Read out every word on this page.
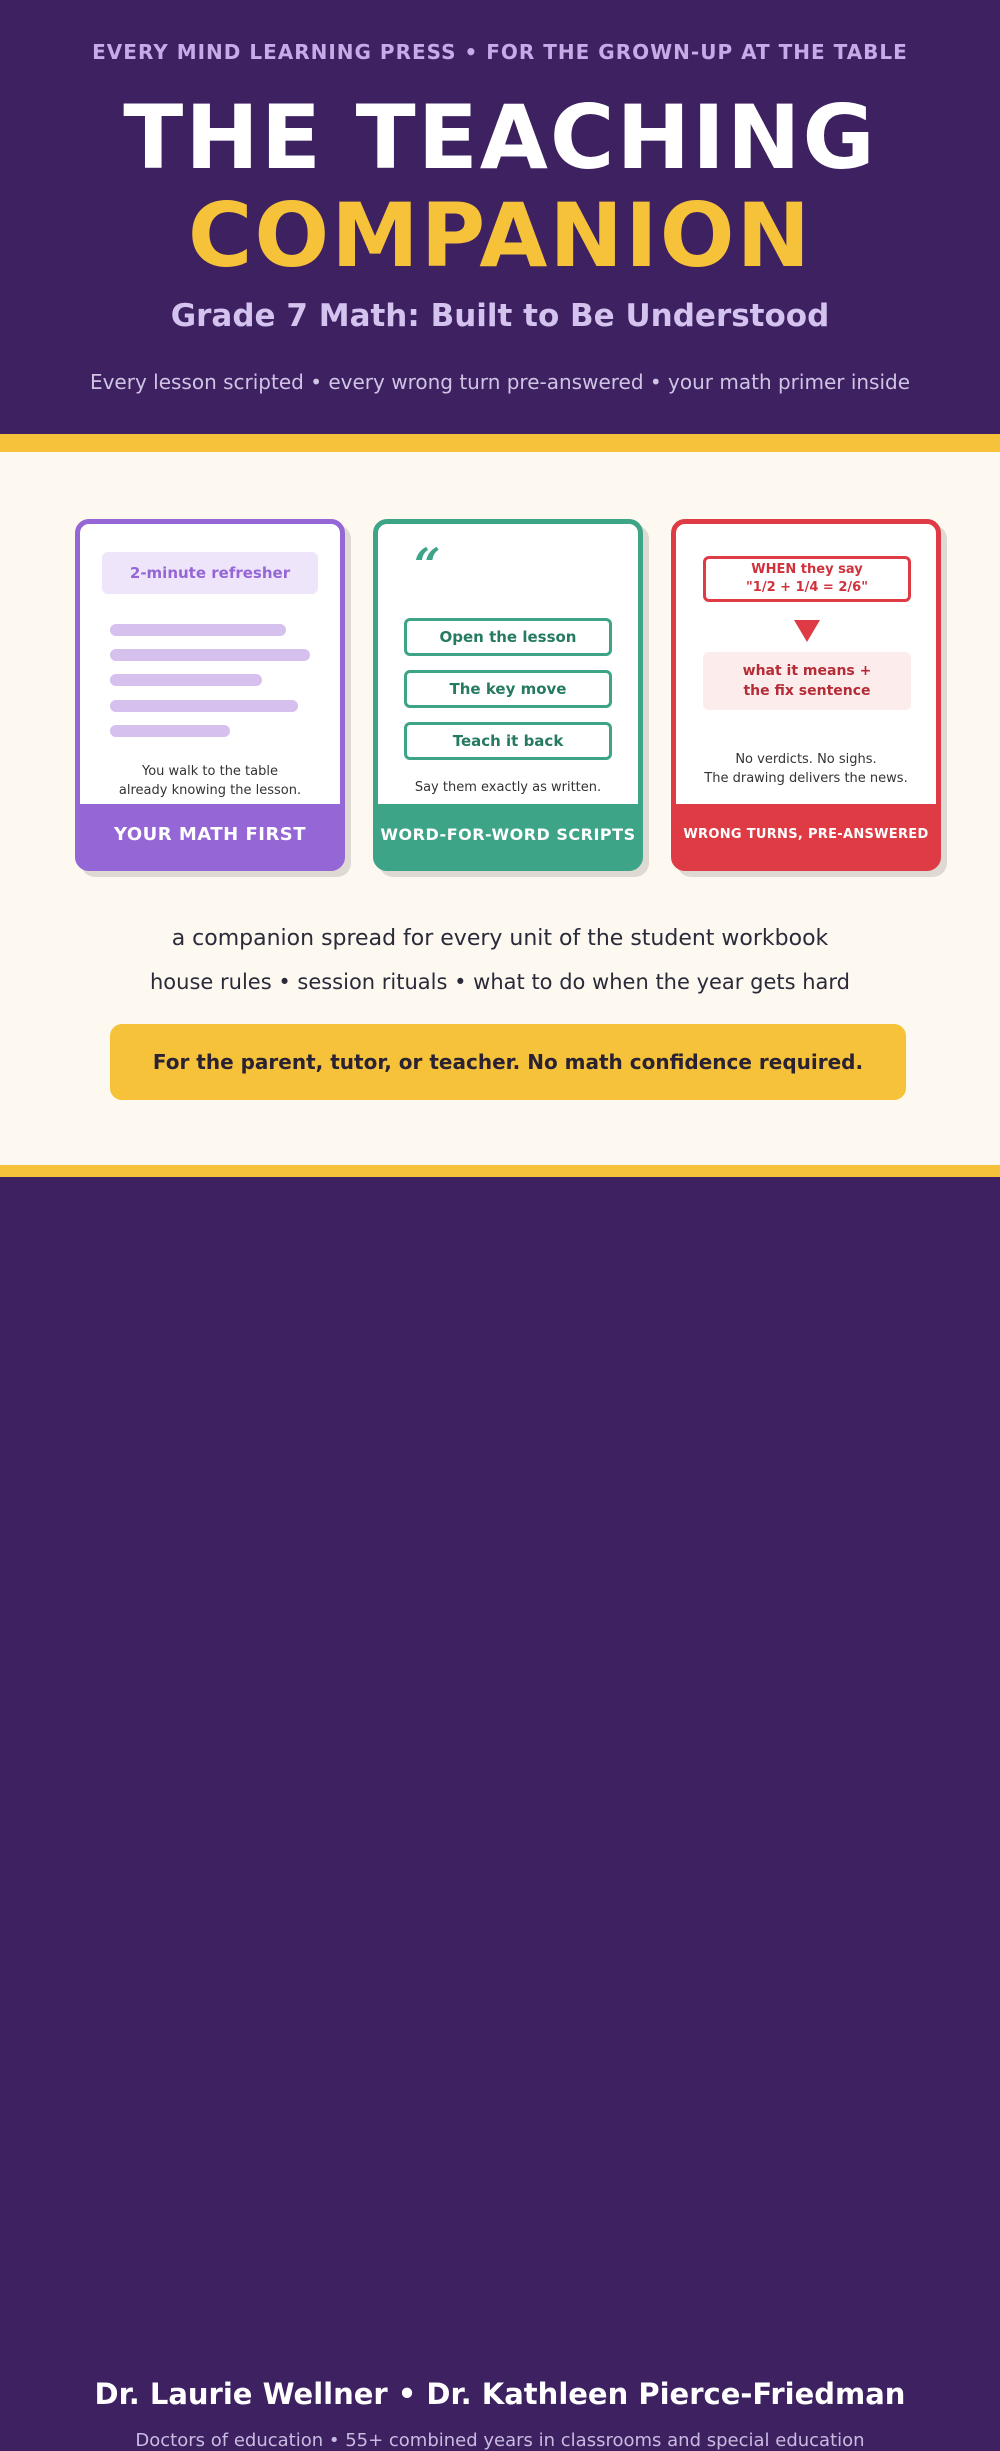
EVERY MIND LEARNING PRESS • FOR THE GROWN-UP AT THE TABLE
THE TEACHING
COMPANION
Grade 7 Math: Built to Be Understood
Every lesson scripted • every wrong turn pre-answered • your math primer inside
2-minute refresher
You walk to the table
already knowing the lesson.
YOUR MATH FIRST
“
Open the lesson
The key move
Teach it back
Say them exactly as written.
WORD-FOR-WORD SCRIPTS
WHEN they say
"1/2 + 1/4 = 2/6"
what it means +
the fix sentence
No verdicts. No sighs.
The drawing delivers the news.
WRONG TURNS, PRE-ANSWERED
a companion spread for every unit of the student workbook
house rules • session rituals • what to do when the year gets hard
For the parent, tutor, or teacher. No math confidence required.
Dr. Laurie Wellner • Dr. Kathleen Pierce-Friedman
Doctors of education • 55+ combined years in classrooms and special education
